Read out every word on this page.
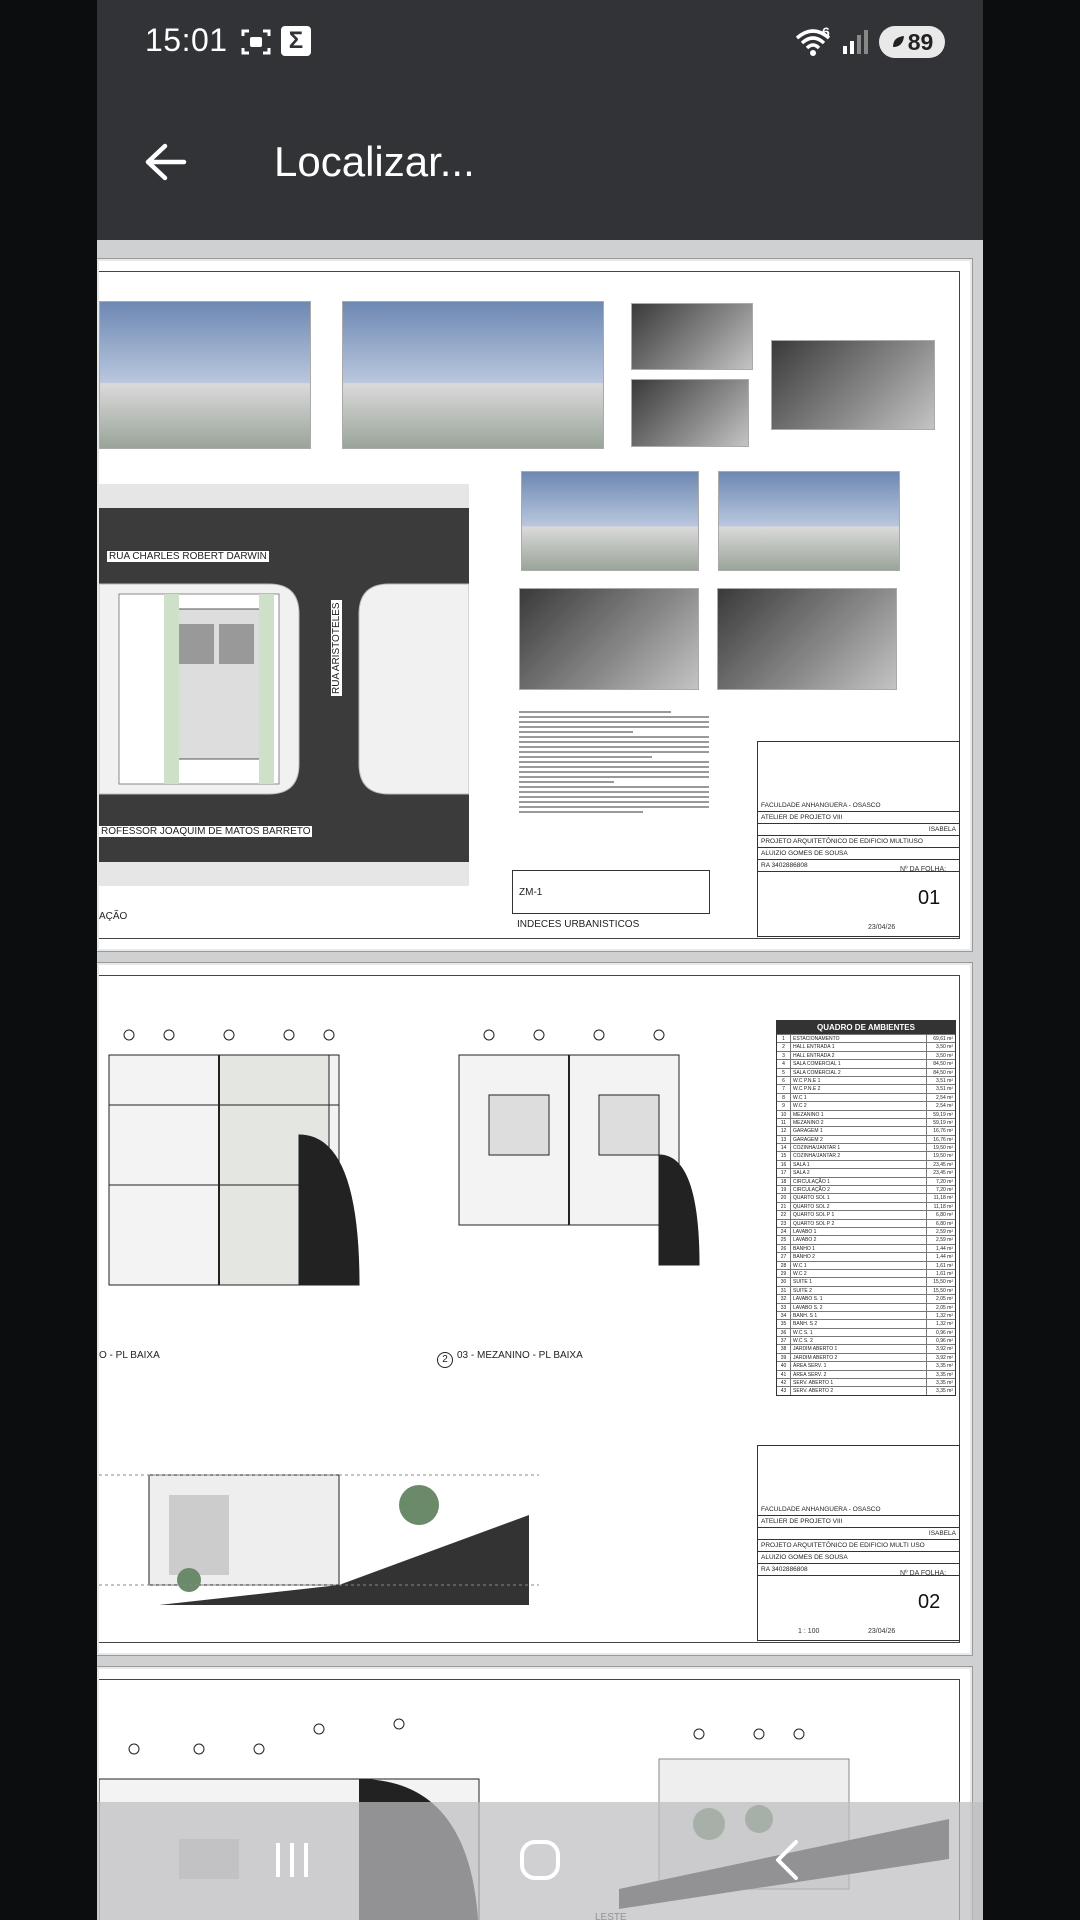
15:01	Σ	6	89
Localizar...
RUA CHARLES ROBERT DARWIN
RUA ARISTOTELES
ROFESSOR JOAQUIM DE MATOS BARRETO
AÇÃO
ZM-1
INDECES URBANISTICOS
FACULDADE ANHANGUERA - OSASCO
ATELIER DE PROJETO VIII
ISABELA
PROJETO ARQUITETÔNICO DE EDIFICIO MULTIUSO
ALUIZIO GOMES DE SOUSA
RA 3402886808
Nº DA FOLHA:
01
23/04/26
O - PL BAIXA	2 03 - MEZANINO - PL BAIXA
QUADRO DE AMBIENTES
1	ESTACIONAMENTO	69,61 m²
2	HALL ENTRADA 1	3,50 m²
3	HALL ENTRADA 2	3,50 m²
4	SALA COMERCIAL 1	84,50 m²
5	SALA COMERCIAL 2	84,50 m²
6	W.C P.N.E 1	3,51 m²
7	W.C P.N.E 2	3,51 m²
8	W.C 1	2,54 m²
9	W.C 2	2,54 m²
10	MEZANINO 1	59,19 m²
11	MEZANINO 2	59,19 m²
12	GARAGEM 1	16,76 m²
13	GARAGEM 2	16,76 m²
14	COZINHA/JANTAR 1	19,50 m²
15	COZINHA/JANTAR 2	19,50 m²
16	SALA 1	23,45 m²
17	SALA 2	23,45 m²
18	CIRCULAÇÃO 1	7,20 m²
19	CIRCULAÇÃO 2	7,20 m²
20	QUARTO SOL 1	11,18 m²
21	QUARTO SOL 2	11,18 m²
22	QUARTO SOL P 1	6,80 m²
23	QUARTO SOL P 2	6,80 m²
24	LAVABO 1	2,59 m²
25	LAVABO 2	2,59 m²
26	BANHO 1	1,44 m²
27	BANHO 2	1,44 m²
28	W.C 1	1,61 m²
29	W.C 2	1,61 m²
30	SUITE 1	15,50 m²
31	SUITE 2	15,50 m²
32	LAVABO S. 1	2,05 m²
33	LAVABO S. 2	2,05 m²
34	BANH. S 1	1,32 m²
35	BANH. S 2	1,32 m²
36	W.C S. 1	0,96 m²
37	W.C S. 2	0,96 m²
38	JARDIM ABERTO 1	3,92 m²
39	JARDIM ABERTO 2	3,92 m²
40	ÁREA SERV. 1	3,35 m²
41	ÁREA SERV. 2	3,35 m²
42	SERV. ABERTO 1	3,35 m²
43	SERV. ABERTO 2	3,35 m²
FACULDADE ANHANGUERA - OSASCO
ATELIER DE PROJETO VIII
ISABELA
PROJETO ARQUITETÔNICO DE EDIFICIO MULTI USO
ALUIZIO GOMES DE SOUSA
RA 3402886808
Nº DA FOLHA:
02
1 : 100	23/04/26
